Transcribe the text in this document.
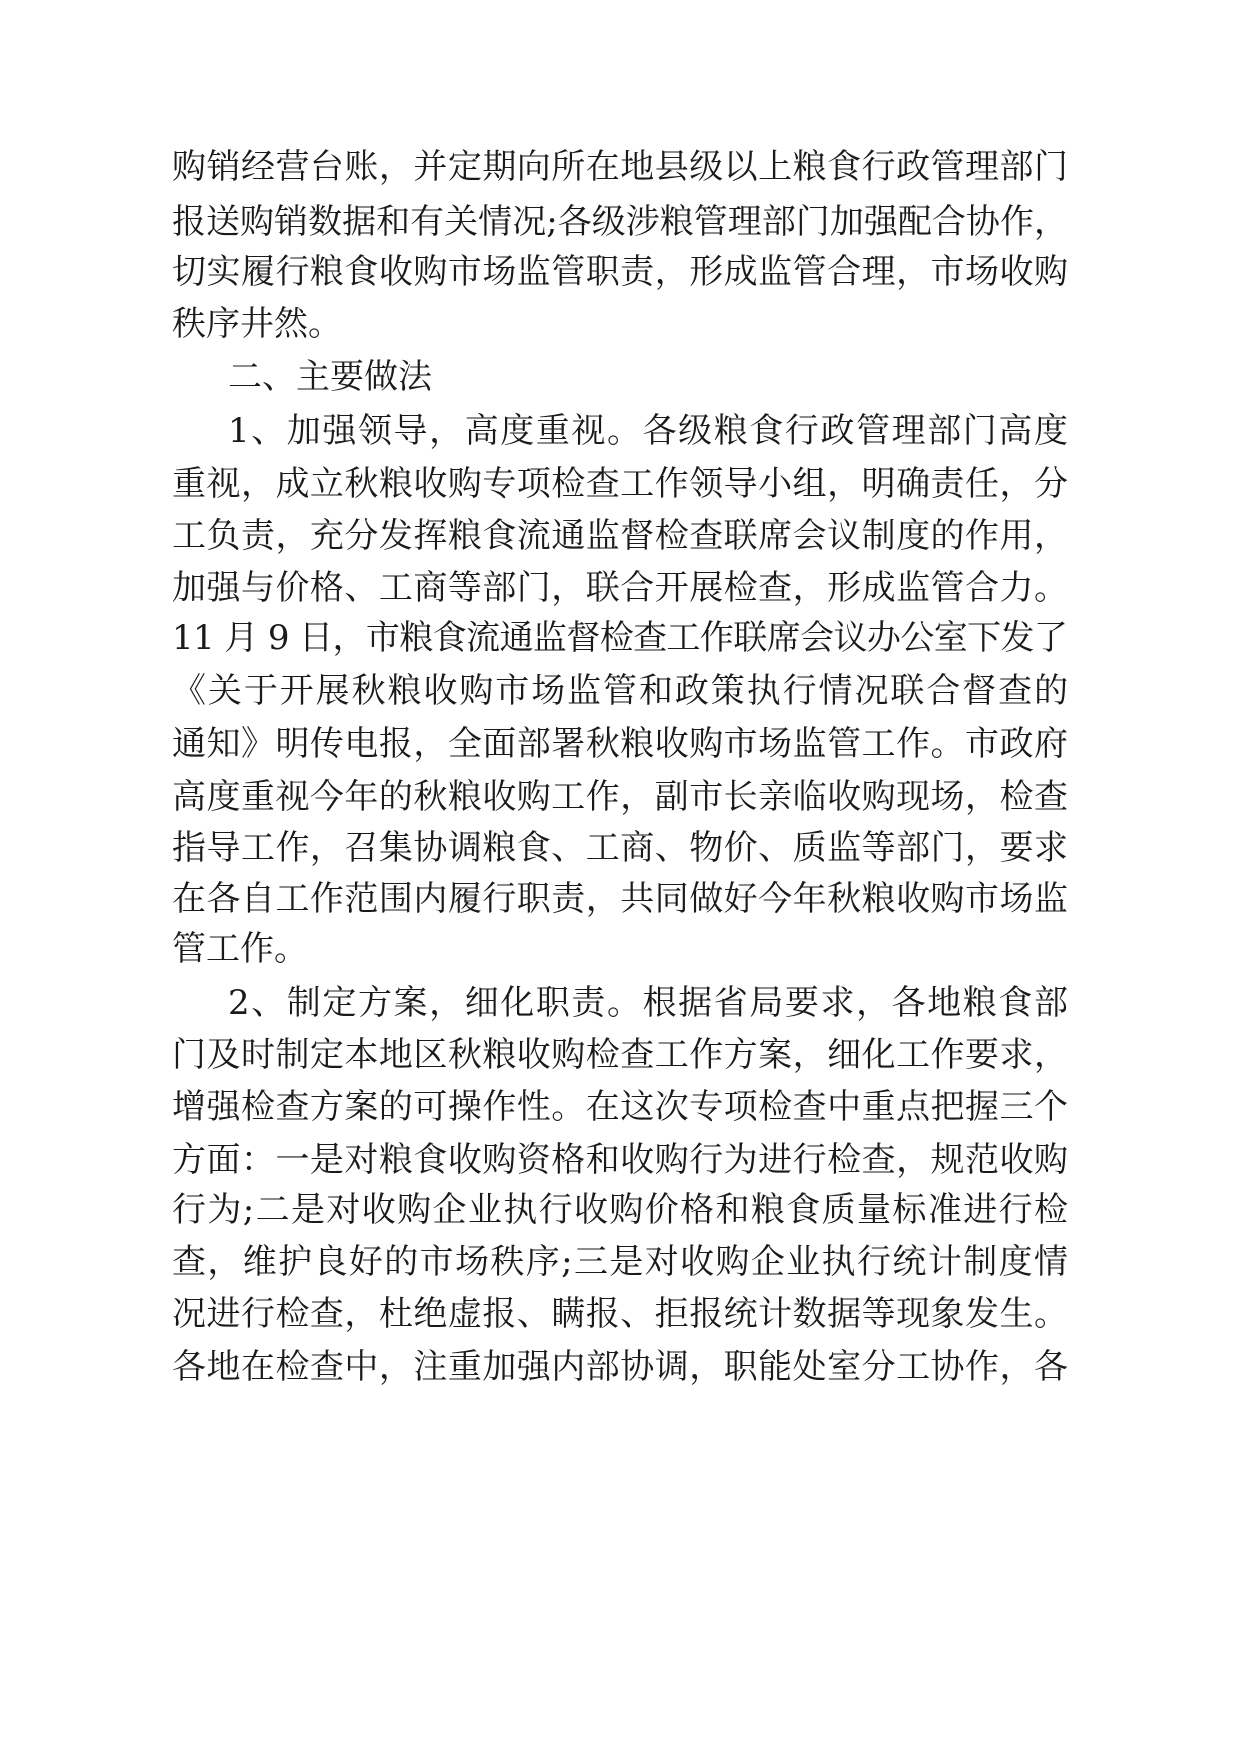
购销经营台账，并定期向所在地县级以上粮食行政管理部门

报送购销数据和有关情况;各级涉粮管理部门加强配合协作，

切实履行粮食收购市场监管职责，形成监管合理，市场收购

秩序井然。

二、主要做法

1、加强领导，高度重视。各级粮食行政管理部门高度

重视，成立秋粮收购专项检查工作领导小组，明确责任，分

工负责，充分发挥粮食流通监督检查联席会议制度的作用，

加强与价格、工商等部门，联合开展检查，形成监管合力。

11 月 9 日，市粮食流通监督检查工作联席会议办公室下发了

《关于开展秋粮收购市场监管和政策执行情况联合督查的

通知》明传电报，全面部署秋粮收购市场监管工作。市政府

高度重视今年的秋粮收购工作，副市长亲临收购现场，检查

指导工作，召集协调粮食、工商、物价、质监等部门，要求

在各自工作范围内履行职责，共同做好今年秋粮收购市场监

管工作。

2、制定方案，细化职责。根据省局要求，各地粮食部

门及时制定本地区秋粮收购检查工作方案，细化工作要求，

增强检查方案的可操作性。在这次专项检查中重点把握三个

方面：一是对粮食收购资格和收购行为进行检查，规范收购

行为;二是对收购企业执行收购价格和粮食质量标准进行检

查，维护良好的市场秩序;三是对收购企业执行统计制度情

况进行检查，杜绝虚报、瞒报、拒报统计数据等现象发生。

各地在检查中，注重加强内部协调，职能处室分工协作，各
